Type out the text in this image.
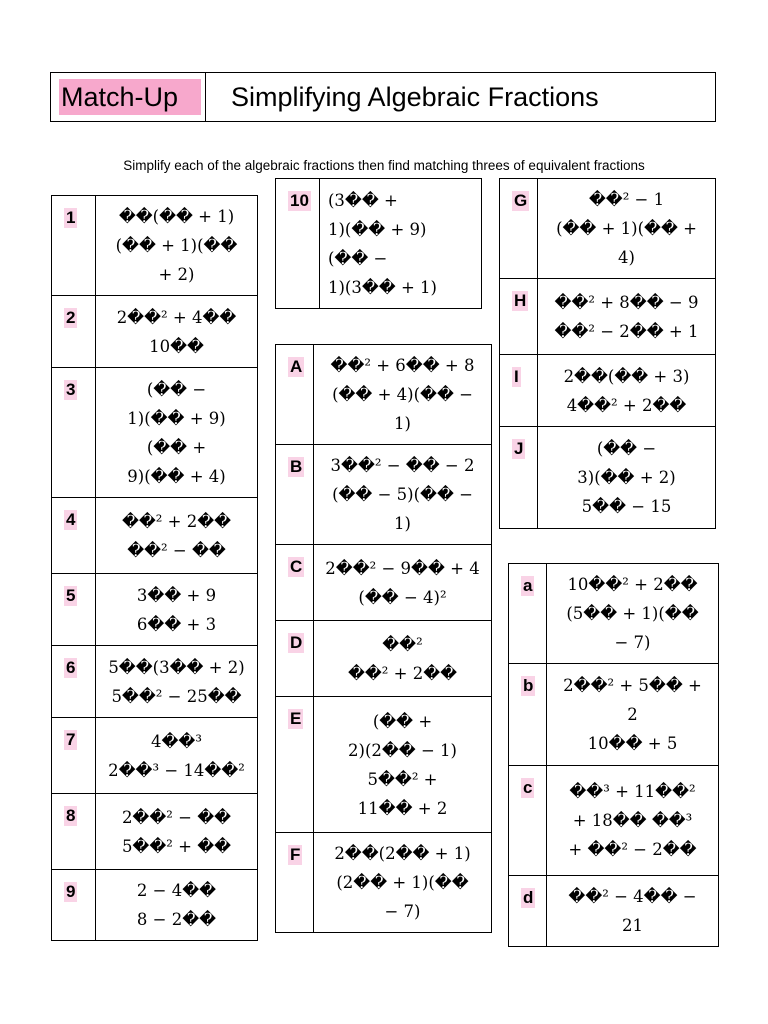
Match-Up	Simplifying Algebraic Fractions
Simplify each of the algebraic fractions then find matching threes of equivalent fractions
1	��(�� + 1)
(�� + 1)(��
+ 2)

2	2��² + 4��
10��

3	(�� −
1)(�� + 9)
(�� +
9)(�� + 4)

4	��² + 2��
��² − ��

5	3�� + 9
6�� + 3

6	5��(3�� + 2)
5��² − 25��

7	4��³
2��³ − 14��²

8	2��² − ��
5��² + ��

9	2 − 4��
8 − 2��
10	(3�� +
1)(�� + 9)
(�� −
1)(3�� + 1)
A	��² + 6�� + 8
(�� + 4)(�� −
1)

B	3��² − �� − 2
(�� − 5)(�� −
1)

C	2��² − 9�� + 4
(�� − 4)²

D	��²
��² + 2��

E	(�� +
2)(2�� − 1)
5��² +
11�� + 2

F	2��(2�� + 1)
(2�� + 1)(��
− 7)
G	��² − 1
(�� + 1)(�� +
4)

H	��² + 8�� − 9
��² − 2�� + 1

I	2��(�� + 3)
4��² + 2��

J	(�� −
3)(�� + 2)
5�� − 15
a	10��² + 2��
(5�� + 1)(��
− 7)

b	2��² + 5�� +
2
10�� + 5

c	��³ + 11��²
+ 18�� ��³
+ ��² − 2��

d	��² − 4�� −
21
